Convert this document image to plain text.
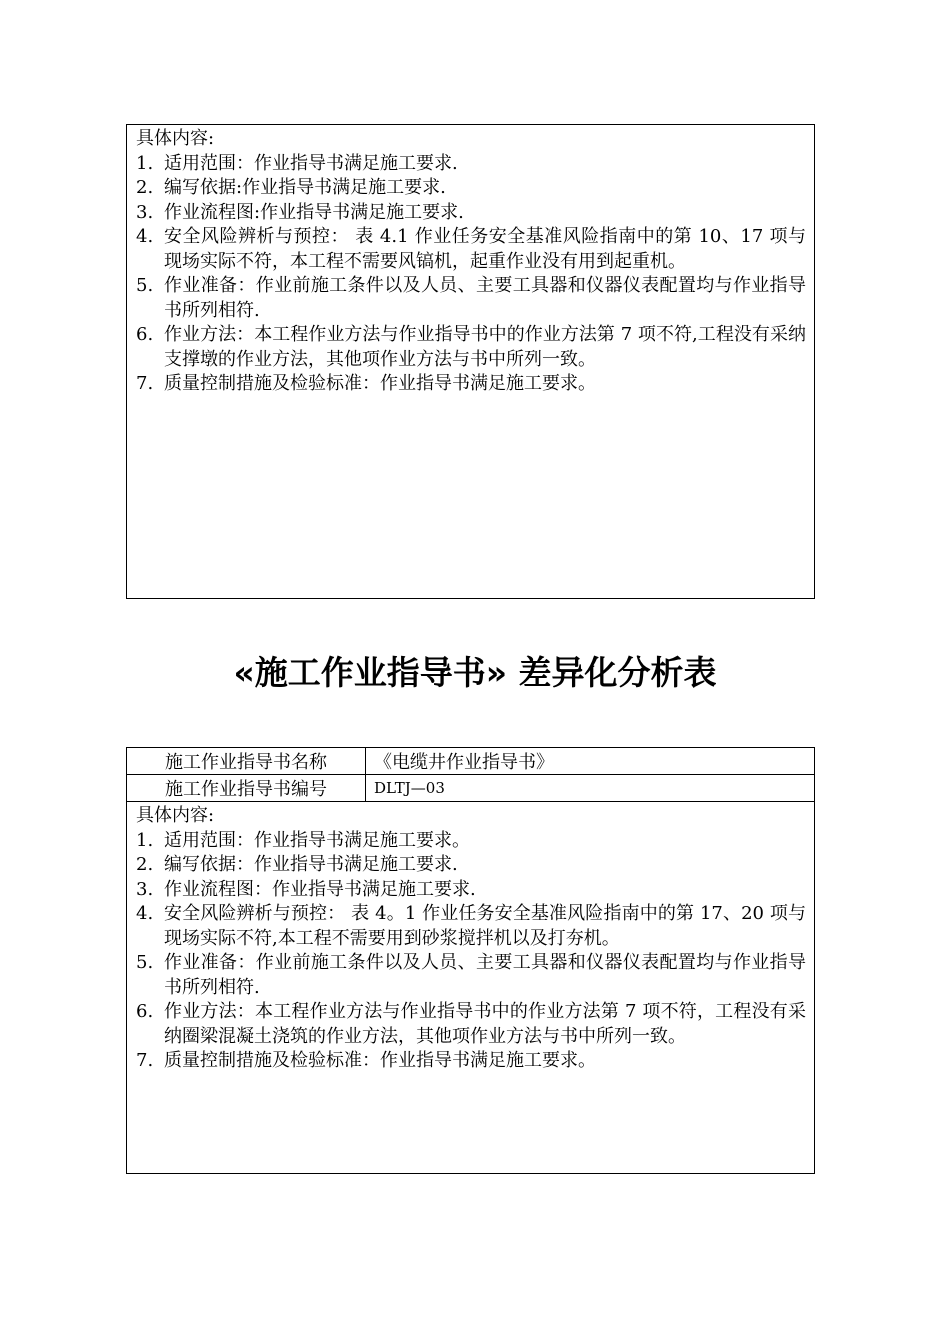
具体内容:

1. 适用范围：作业指导书满足施工要求.
2. 编写依据:作业指导书满足施工要求.
3. 作业流程图:作业指导书满足施工要求.
4. 安全风险辨析与预控： 表 4.1 作业任务安全基准风险指南中的第 10、17 项与现场实际不符，本工程不需要风镐机，起重作业没有用到起重机。
5. 作业准备：作业前施工条件以及人员、主要工具器和仪器仪表配置均与作业指导书所列相符.
6. 作业方法：本工程作业方法与作业指导书中的作业方法第 7 项不符,工程没有采纳支撑墩的作业方法，其他项作业方法与书中所列一致。
7. 质量控制措施及检验标准：作业指导书满足施工要求。
«施工作业指导书» 差异化分析表
施工作业指导书名称	《电缆井作业指导书》
施工作业指导书编号	DLTJ—03

具体内容:

1. 适用范围：作业指导书满足施工要求。
2. 编写依据：作业指导书满足施工要求.
3. 作业流程图：作业指导书满足施工要求.
4. 安全风险辨析与预控： 表 4。1 作业任务安全基准风险指南中的第 17、20 项与现场实际不符,本工程不需要用到砂浆搅拌机以及打夯机。
5. 作业准备：作业前施工条件以及人员、主要工具器和仪器仪表配置均与作业指导书所列相符.
6. 作业方法：本工程作业方法与作业指导书中的作业方法第 7 项不符，工程没有采纳圈梁混凝土浇筑的作业方法，其他项作业方法与书中所列一致。
7. 质量控制措施及检验标准：作业指导书满足施工要求。
